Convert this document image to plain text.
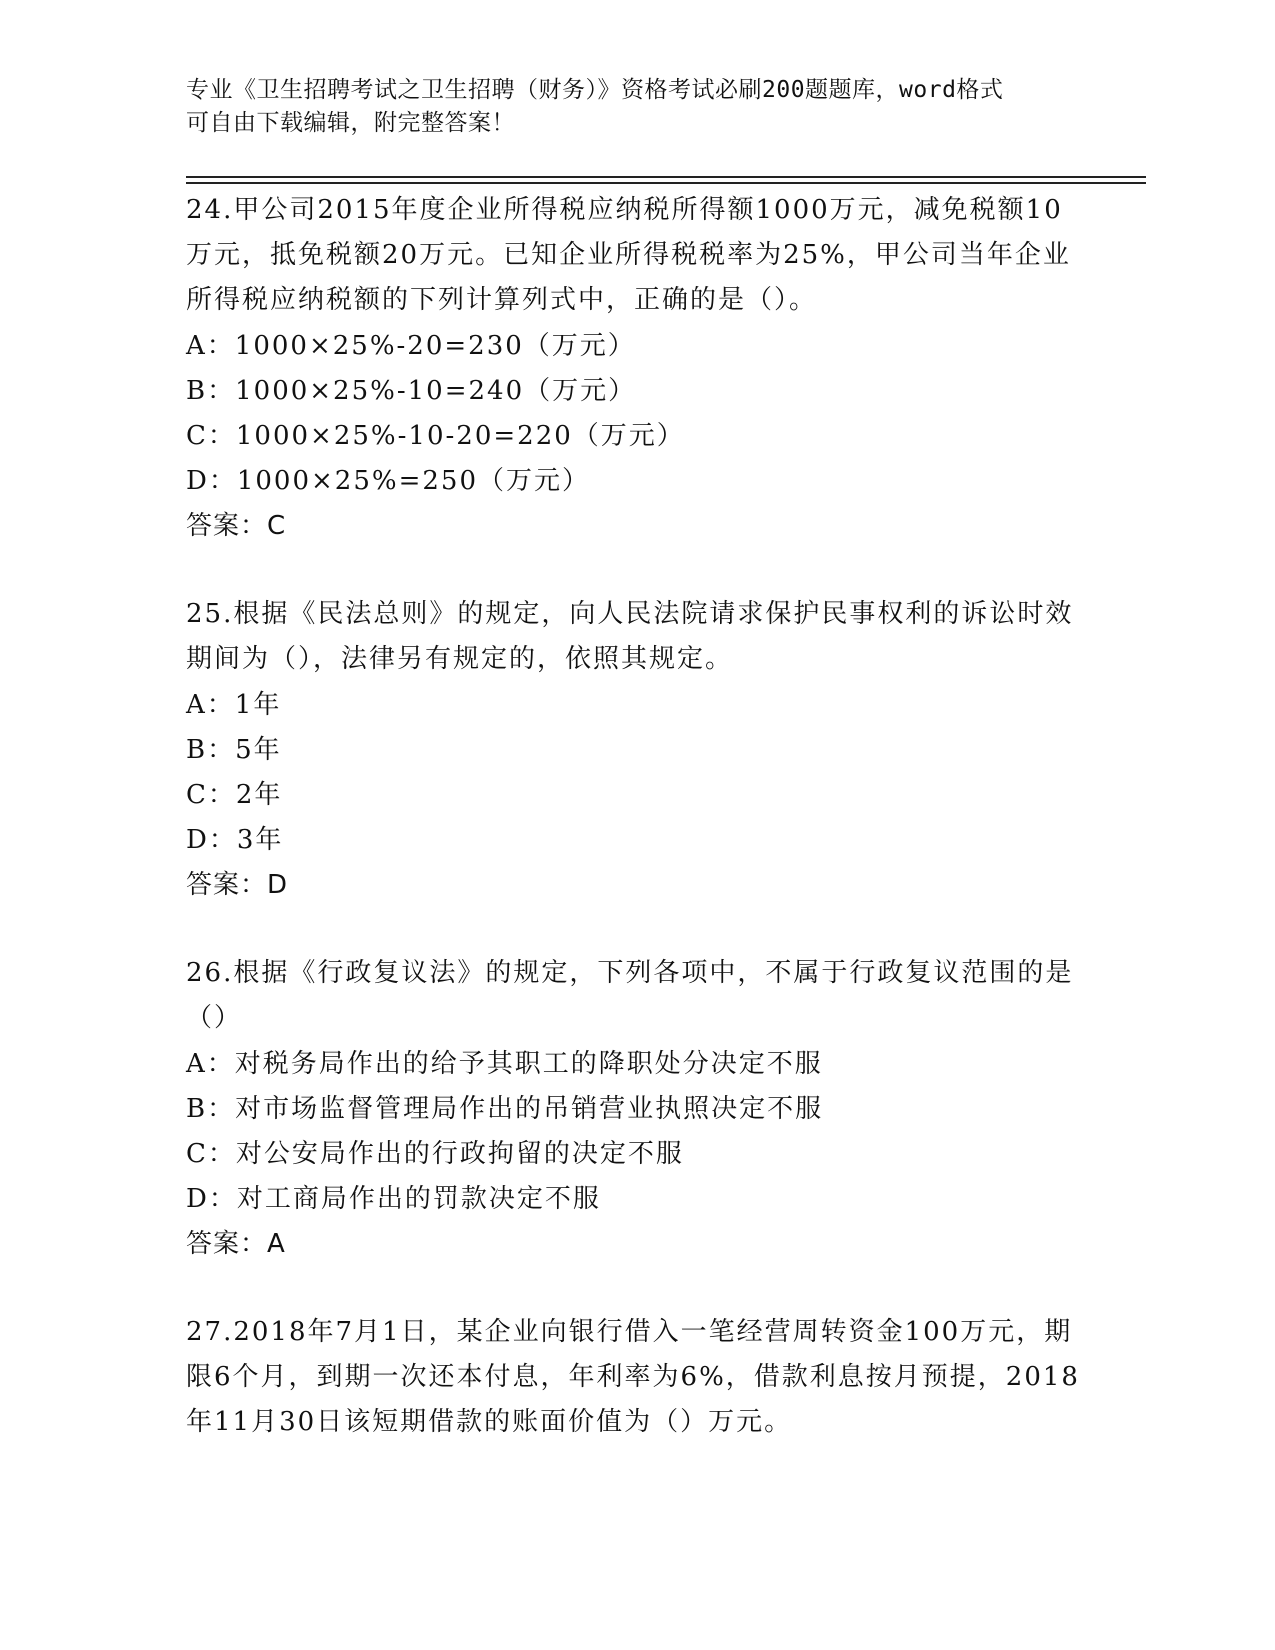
专业《卫生招聘考试之卫生招聘（财务）》资格考试必刷200题题库，word格式
可自由下载编辑，附完整答案！
24.甲公司2015年度企业所得税应纳税所得额1000万元，减免税额10万元，抵免税额20万元。已知企业所得税税率为25%，甲公司当年企业所得税应纳税额的下列计算列式中，正确的是（）。
A：1000×25%-20=230（万元）
B：1000×25%-10=240（万元）
C：1000×25%-10-20=220（万元）
D：1000×25%=250（万元）
答案：C
25.根据《民法总则》的规定，向人民法院请求保护民事权利的诉讼时效期间为（），法律另有规定的，依照其规定。
A：1年
B：5年
C：2年
D：3年
答案：D
26.根据《行政复议法》的规定，下列各项中，不属于行政复议范围的是（）
A：对税务局作出的给予其职工的降职处分决定不服
B：对市场监督管理局作出的吊销营业执照决定不服
C：对公安局作出的行政拘留的决定不服
D：对工商局作出的罚款决定不服
答案：A
27.2018年7月1日，某企业向银行借入一笔经营周转资金100万元，期限6个月，到期一次还本付息，年利率为6%，借款利息按月预提，2018年11月30日该短期借款的账面价值为（）万元。
